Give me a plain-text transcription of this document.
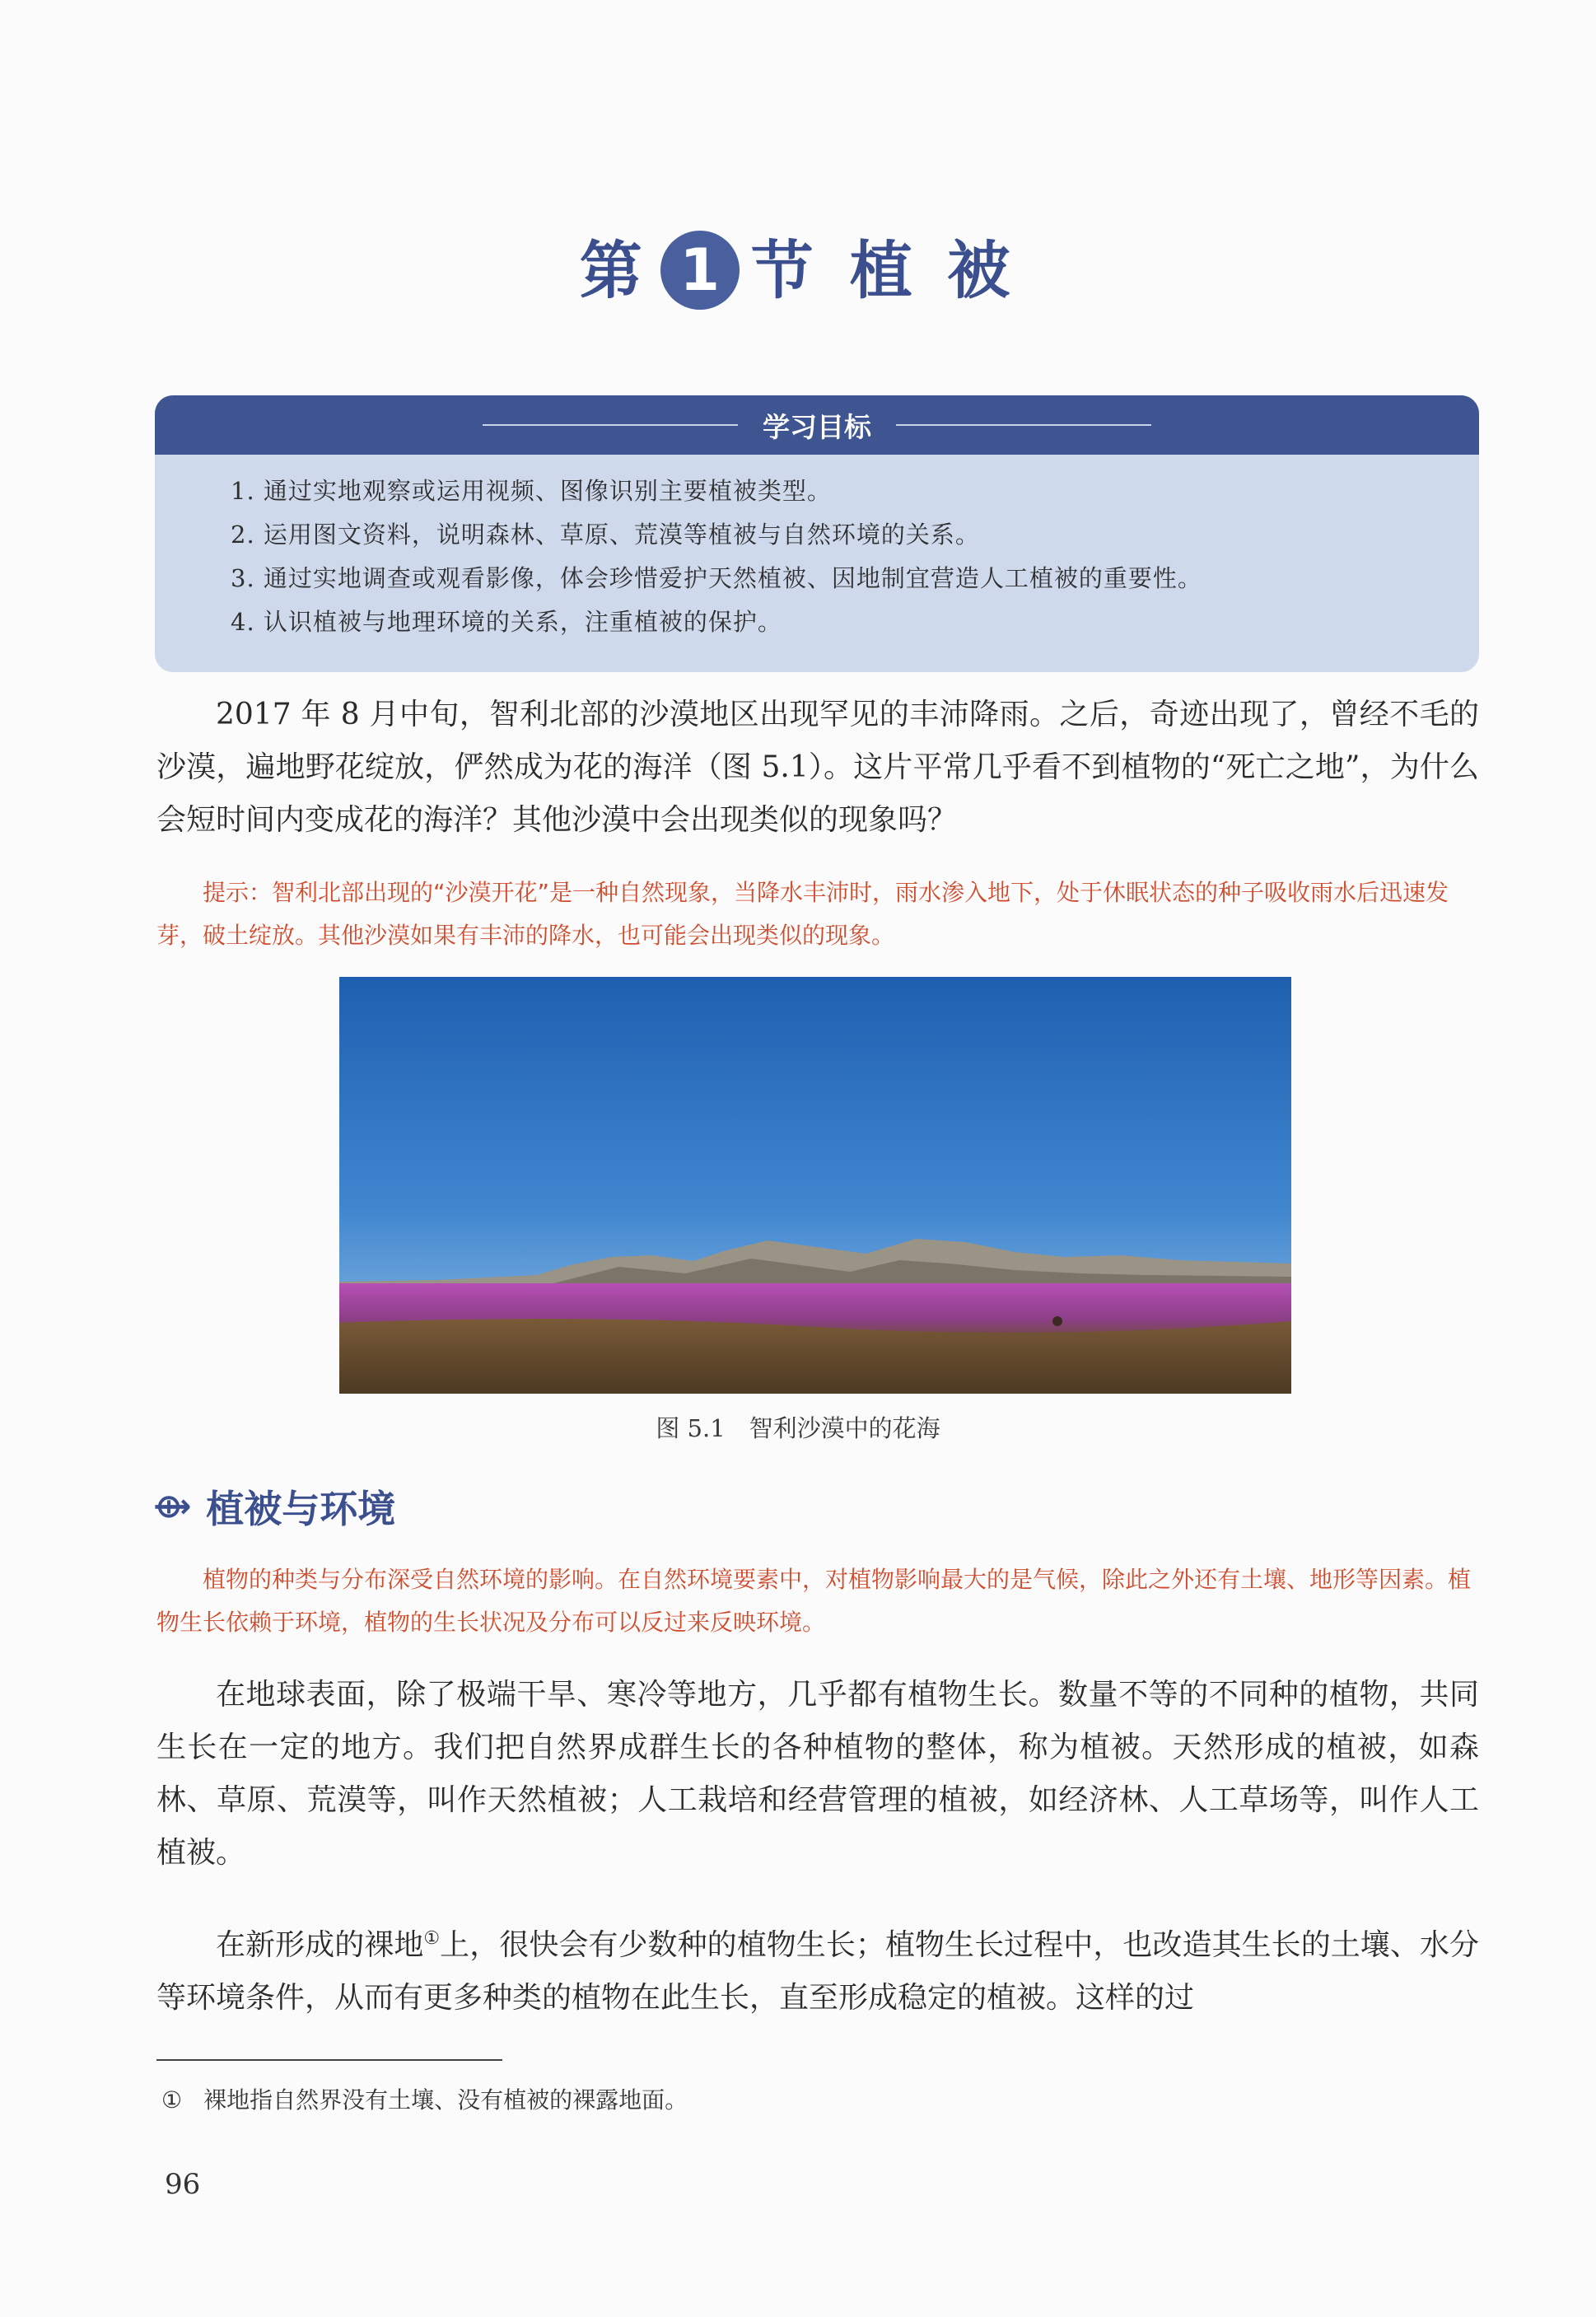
第 1 节 植 被
学习目标
1. 通过实地观察或运用视频、图像识别主要植被类型。
2. 运用图文资料，说明森林、草原、荒漠等植被与自然环境的关系。
3. 通过实地调查或观看影像，体会珍惜爱护天然植被、因地制宜营造人工植被的重要性。
4. 认识植被与地理环境的关系，注重植被的保护。

2017 年 8 月中旬，智利北部的沙漠地区出现罕见的丰沛降雨。之后，奇迹出现了，曾经不毛的沙漠，遍地野花绽放，俨然成为花的海洋（图 5.1）。这片平常几乎看不到植物的“死亡之地”，为什么会短时间内变成花的海洋？其他沙漠中会出现类似的现象吗？

提示：智利北部出现的“沙漠开花”是一种自然现象，当降水丰沛时，雨水渗入地下，处于休眠状态的种子吸收雨水后迅速发芽，破土绽放。其他沙漠如果有丰沛的降水，也可能会出现类似的现象。

图 5.1　智利沙漠中的花海
⟴ 植被与环境

植物的种类与分布深受自然环境的影响。在自然环境要素中，对植物影响最大的是气候，除此之外还有土壤、地形等因素。植物生长依赖于环境，植物的生长状况及分布可以反过来反映环境。

在地球表面，除了极端干旱、寒冷等地方，几乎都有植物生长。数量不等的不同种的植物，共同生长在一定的地方。我们把自然界成群生长的各种植物的整体，称为植被。天然形成的植被，如森林、草原、荒漠等，叫作天然植被；人工栽培和经营管理的植被，如经济林、人工草场等，叫作人工植被。

在新形成的裸地①上，很快会有少数种的植物生长；植物生长过程中，也改造其生长的土壤、水分等环境条件，从而有更多种类的植物在此生长，直至形成稳定的植被。这样的过

① 裸地指自然界没有土壤、没有植被的裸露地面。
96
